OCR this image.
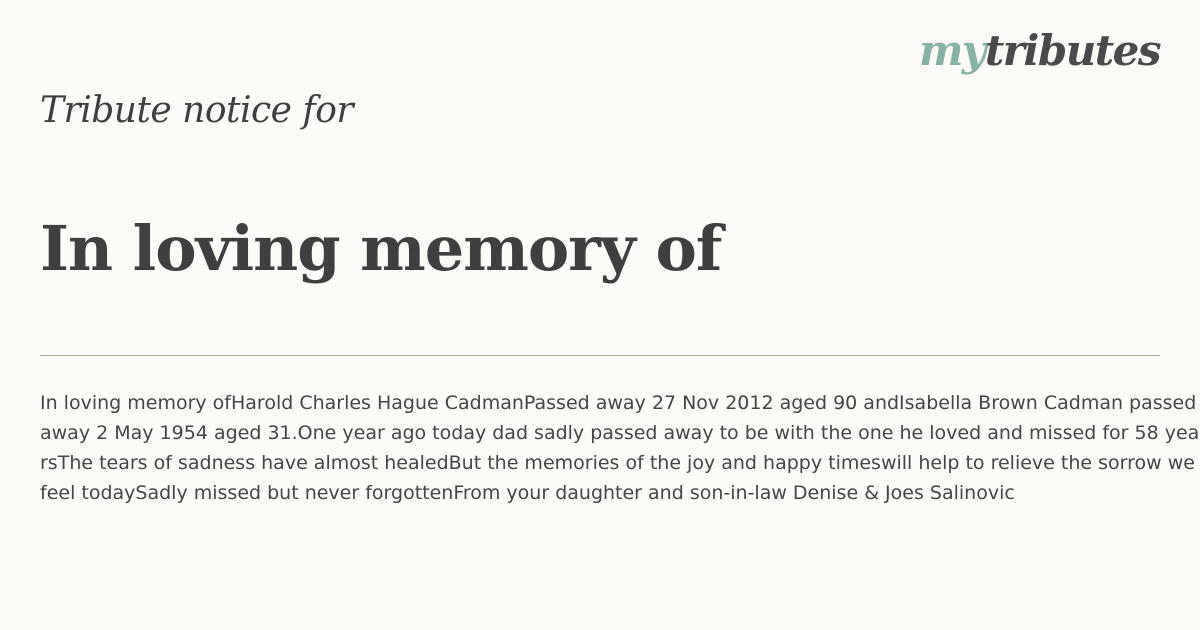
mytributes
Tribute notice for
In loving memory of

In loving memory ofHarold Charles Hague CadmanPassed away 27 Nov 2012 aged 90 andIsabella Brown Cadman passed away 2 May 1954 aged 31.One year ago today dad sadly passed away to be with the one he loved and missed for 58 yearsThe tears of sadness have almost healedBut the memories of the joy and happy timeswill help to relieve the sorrow we feel todaySadly missed but never forgottenFrom your daughter and son-in-law Denise & Joes Salinovic
